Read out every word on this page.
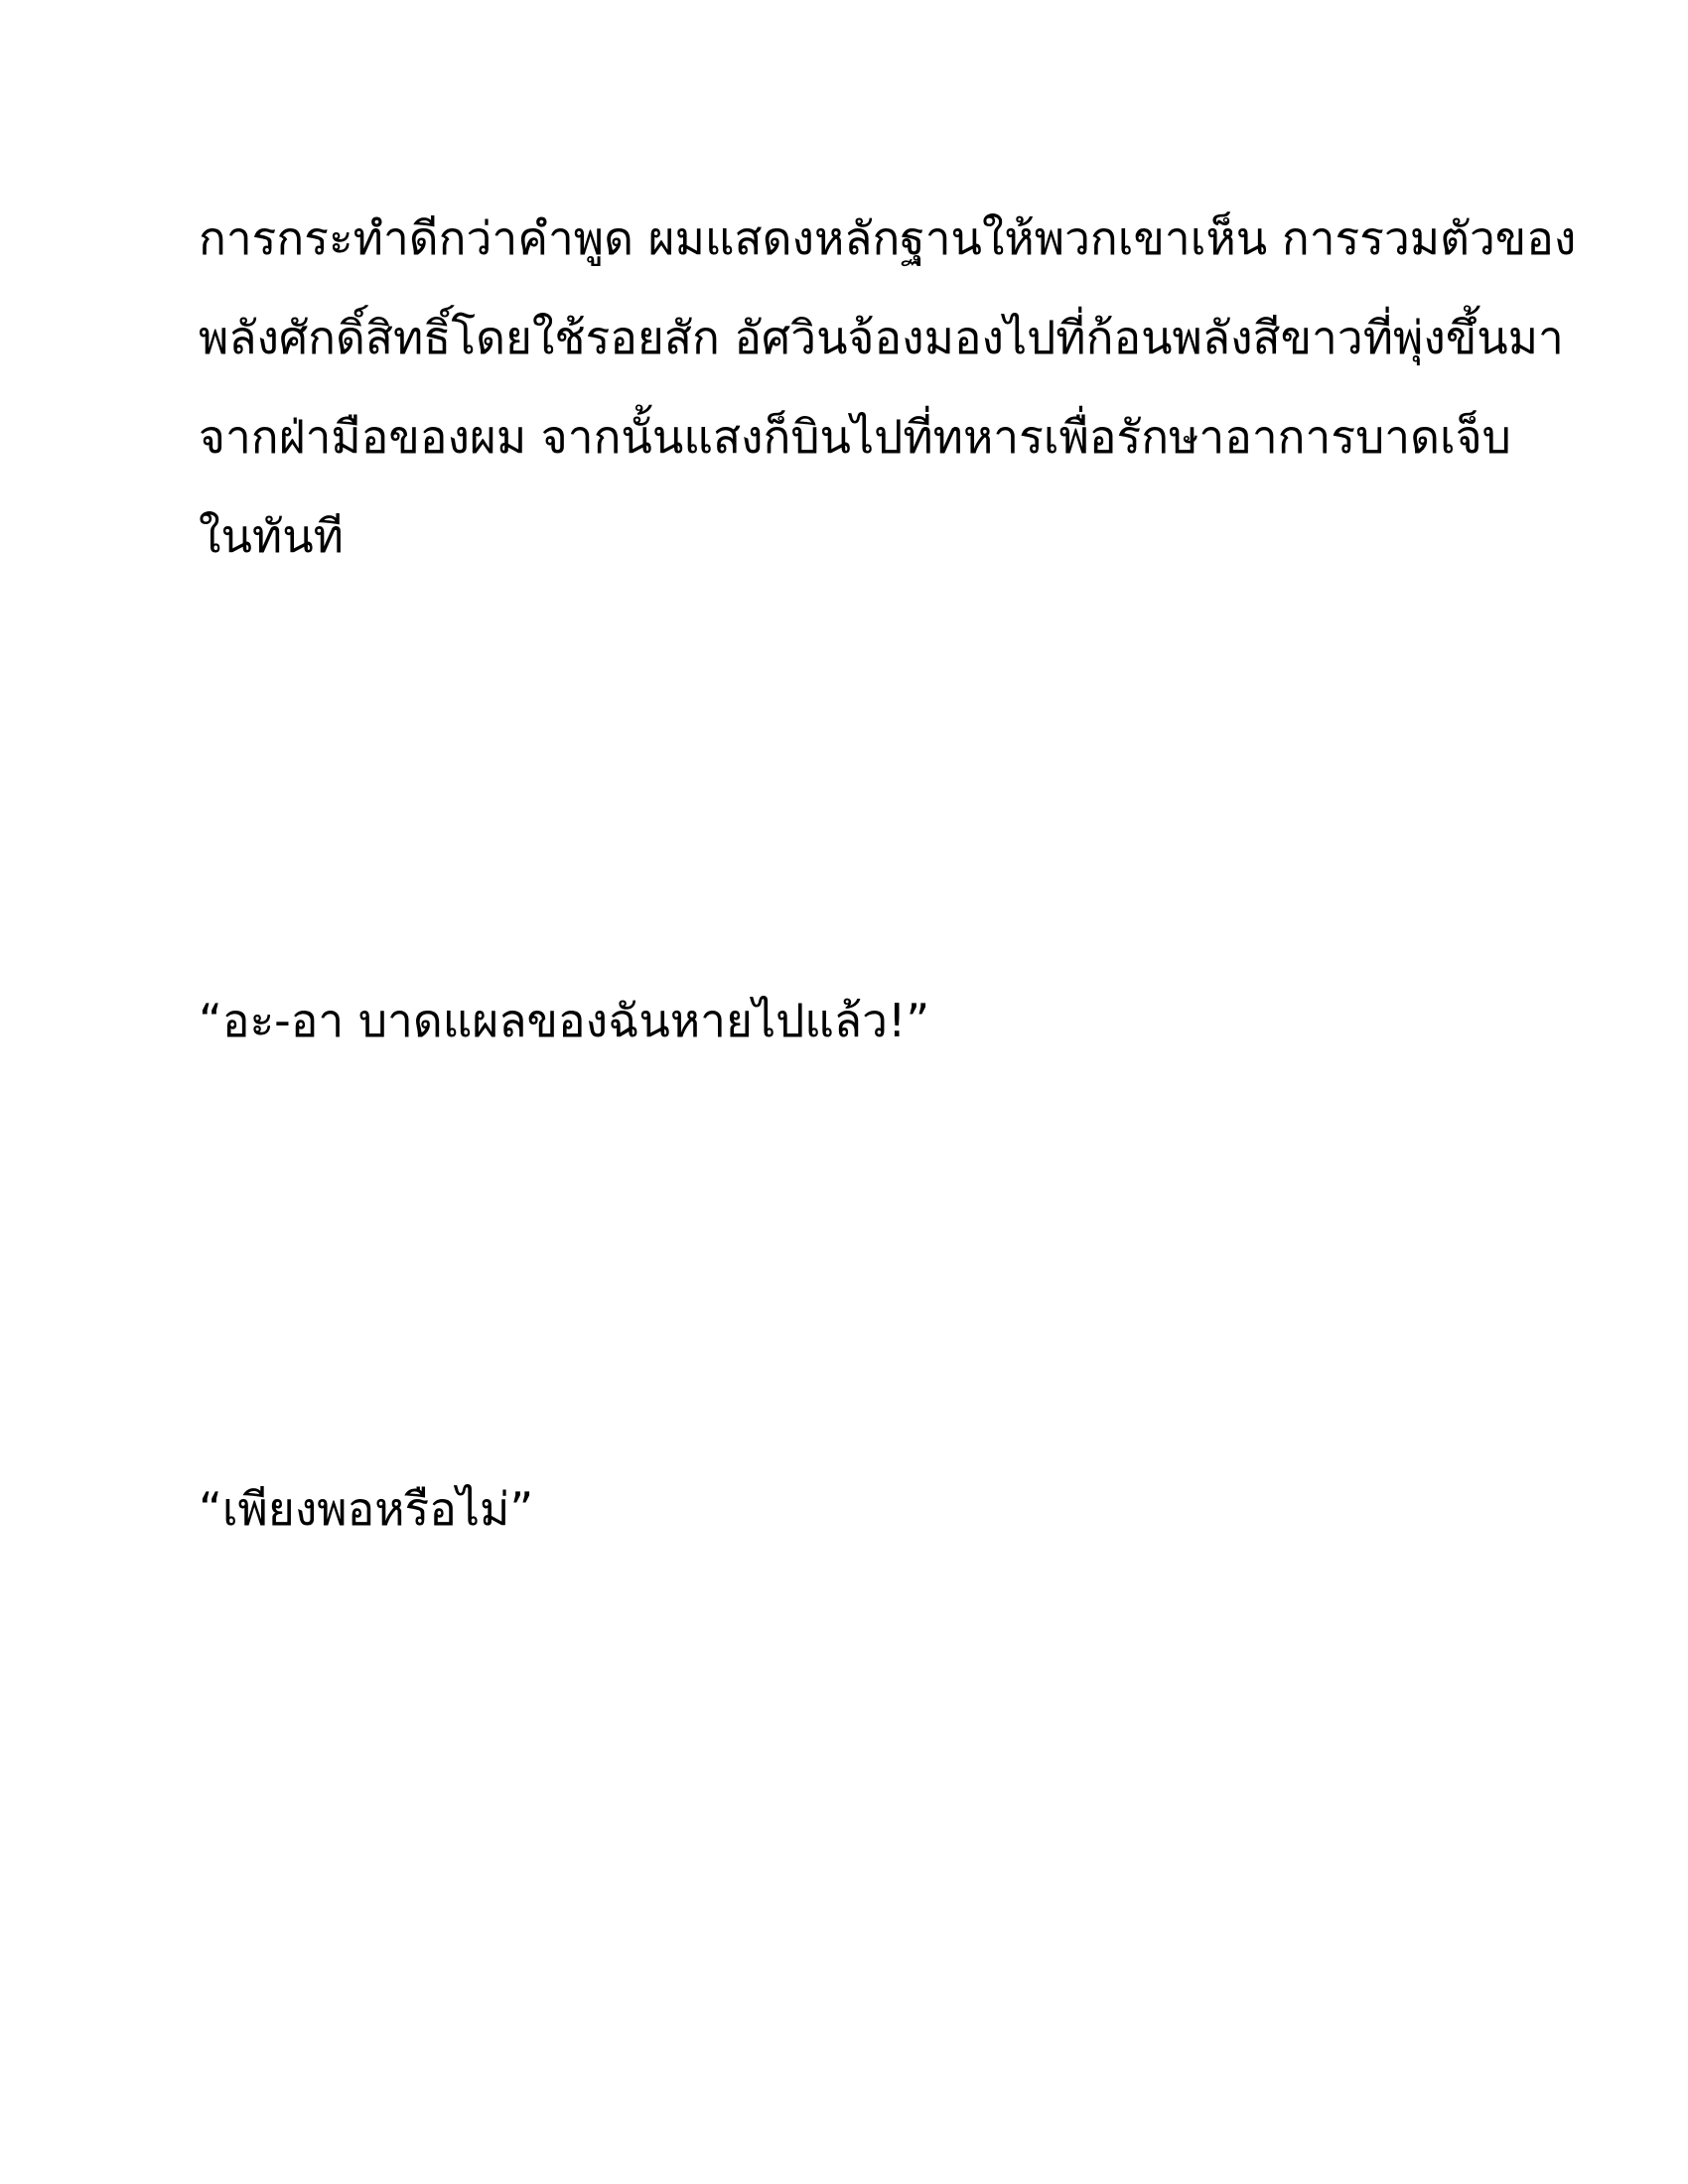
การกระทำดีกว่าคำพูด ผมแสดงหลักฐานให้พวกเขาเห็น การรวมตัวของ
พลังศักดิ์สิทธิ์โดยใช้รอยสัก อัศวินจ้องมองไปที่ก้อนพลังสีขาวที่พุ่งขึ้นมา
จากฝ่ามือของผม จากนั้นแสงก็บินไปที่ทหารเพื่อรักษาอาการบาดเจ็บ
ในทันที
“อะ-อา บาดแผลของฉันหายไปแล้ว!”
“เพียงพอหรือไม่”
